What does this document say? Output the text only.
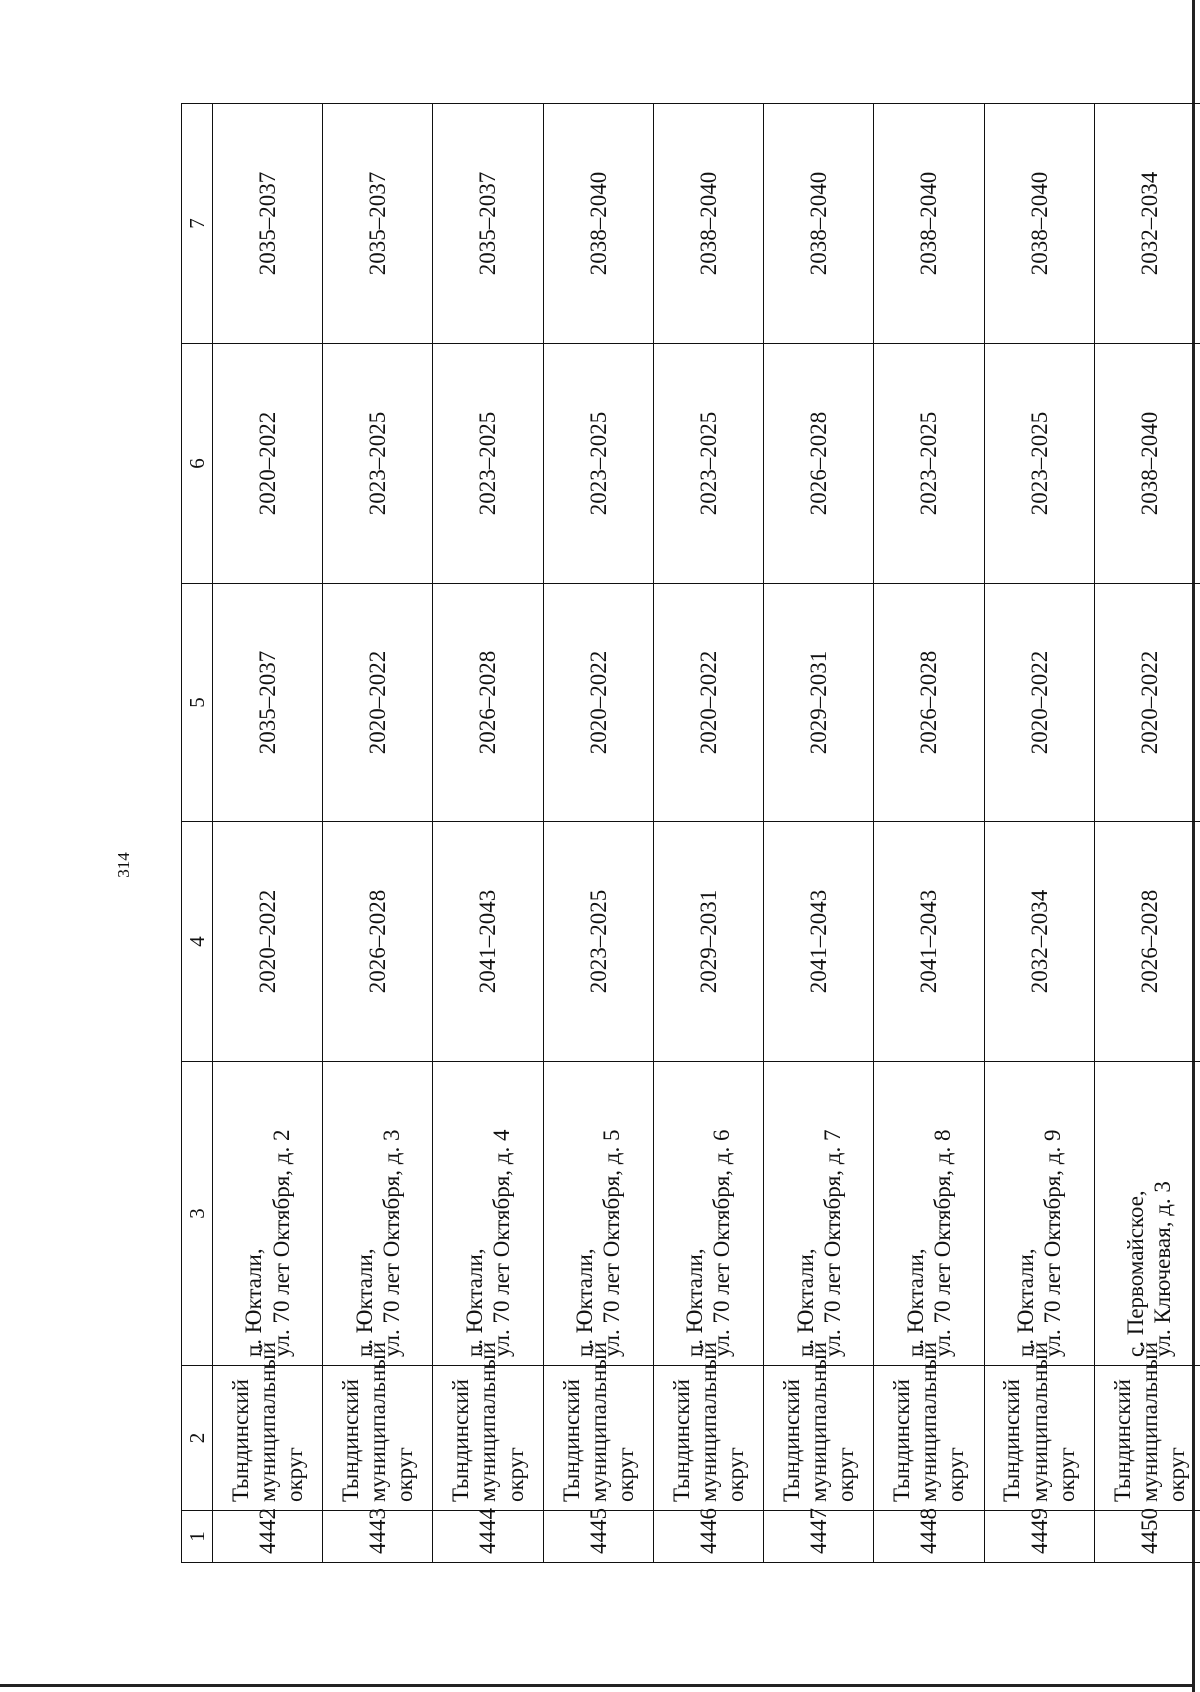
314
1	2	3	4	5	6	7
4442	Тындинский муниципальный округ	п. Юктали, ул. 70 лет Октября, д. 2	2020–2022	2035–2037	2020–2022	2035–2037
4443	Тындинский муниципальный округ	п. Юктали, ул. 70 лет Октября, д. 3	2026–2028	2020–2022	2023–2025	2035–2037
4444	Тындинский муниципальный округ	п. Юктали, ул. 70 лет Октября, д. 4	2041–2043	2026–2028	2023–2025	2035–2037
4445	Тындинский муниципальный округ	п. Юктали, ул. 70 лет Октября, д. 5	2023–2025	2020–2022	2023–2025	2038–2040
4446	Тындинский муниципальный округ	п. Юктали, ул. 70 лет Октября, д. 6	2029–2031	2020–2022	2023–2025	2038–2040
4447	Тындинский муниципальный округ	п. Юктали, ул. 70 лет Октября, д. 7	2041–2043	2029–2031	2026–2028	2038–2040
4448	Тындинский муниципальный округ	п. Юктали, ул. 70 лет Октября, д. 8	2041–2043	2026–2028	2023–2025	2038–2040
4449	Тындинский муниципальный округ	п. Юктали, ул. 70 лет Октября, д. 9	2032–2034	2020–2022	2023–2025	2038–2040
4450	Тындинский муниципальный округ	с. Первомайское, ул. Ключевая, д. 3	2026–2028	2020–2022	2038–2040	2032–2034
